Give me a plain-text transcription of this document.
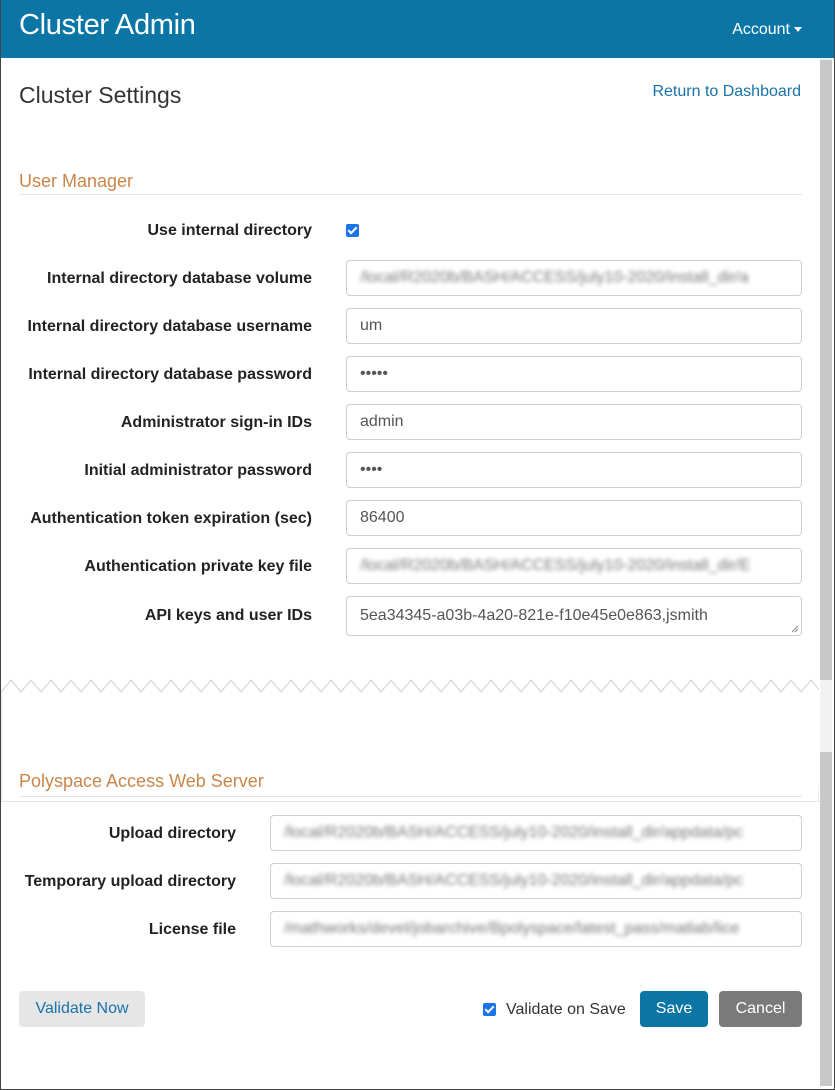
Cluster Admin	Account
Cluster Settings	Return to Dashboard
User Manager
Use internal directory
Internal directory database volume	/local/R2020b/BASH/ACCESS/july10-2020/install_dir/a
Internal directory database username	um
Internal directory database password	•••••
Administrator sign-in IDs	admin
Initial administrator password	••••
Authentication token expiration (sec)	86400
Authentication private key file	/local/R2020b/BASH/ACCESS/july10-2020/install_dir/E
API keys and user IDs	5ea34345-a03b-4a20-821e-f10e45e0e863,jsmith
Polyspace Access Web Server
Upload directory	/local/R2020b/BASH/ACCESS/july10-2020/install_dir/appdata/pc
Temporary upload directory	/local/R2020b/BASH/ACCESS/july10-2020/install_dir/appdata/pc
License file	/mathworks/devel/jobarchive/Bpolyspace/latest_pass/matlab/lice
Validate Now	Validate on Save	Save	Cancel
